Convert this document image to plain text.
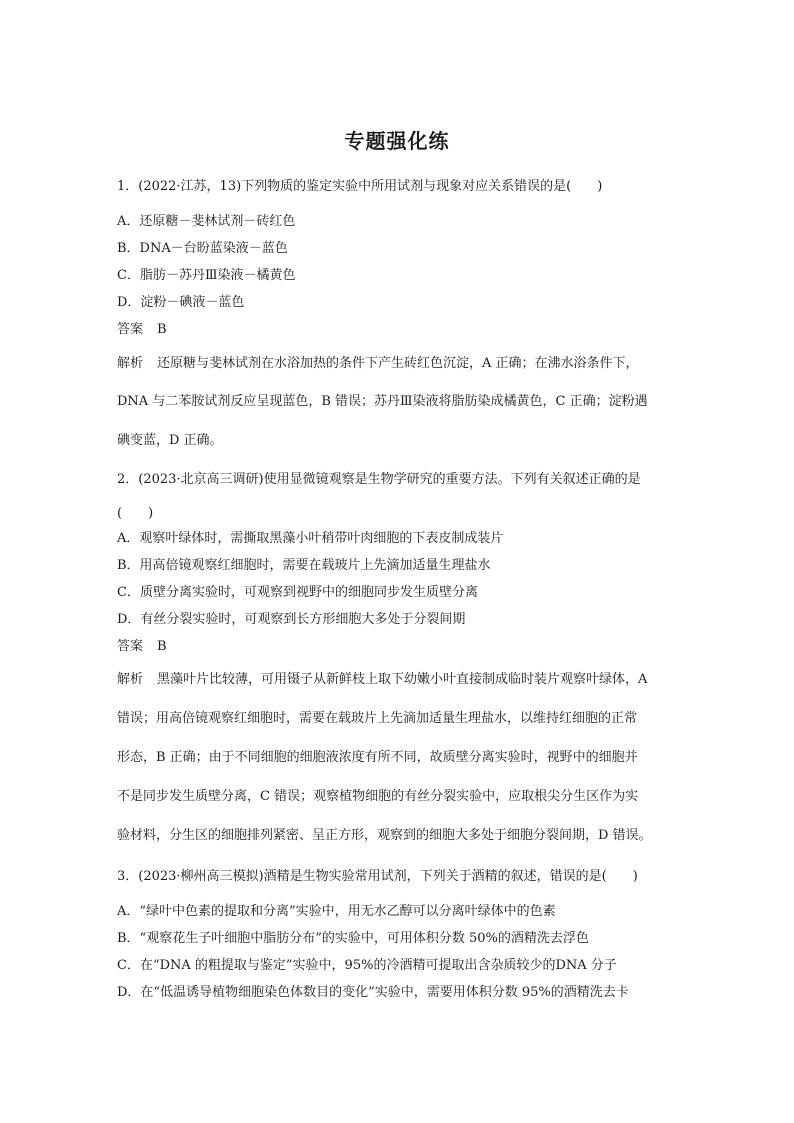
专题强化练
1．(2022·江苏，13)下列物质的鉴定实验中所用试剂与现象对应关系错误的是(　　)
A．还原糖－斐林试剂－砖红色
B．DNA－台盼蓝染液－蓝色
C．脂肪－苏丹Ⅲ染液－橘黄色
D．淀粉－碘液－蓝色
答案 B
解析 还原糖与斐林试剂在水浴加热的条件下产生砖红色沉淀，A 正确；在沸水浴条件下，
DNA 与二苯胺试剂反应呈现蓝色，B 错误；苏丹Ⅲ染液将脂肪染成橘黄色，C 正确；淀粉遇
碘变蓝，D 正确。
2．(2023·北京高三调研)使用显微镜观察是生物学研究的重要方法。下列有关叙述正确的是
(　　)
A．观察叶绿体时，需撕取黑藻小叶稍带叶肉细胞的下表皮制成装片
B．用高倍镜观察红细胞时，需要在载玻片上先滴加适量生理盐水
C．质壁分离实验时，可观察到视野中的细胞同步发生质壁分离
D．有丝分裂实验时，可观察到长方形细胞大多处于分裂间期
答案 B
解析 黑藻叶片比较薄，可用镊子从新鲜枝上取下幼嫩小叶直接制成临时装片观察叶绿体，A
错误；用高倍镜观察红细胞时，需要在载玻片上先滴加适量生理盐水，以维持红细胞的正常
形态，B 正确；由于不同细胞的细胞液浓度有所不同，故质壁分离实验时，视野中的细胞并
不是同步发生质壁分离，C 错误；观察植物细胞的有丝分裂实验中，应取根尖分生区作为实
验材料，分生区的细胞排列紧密、呈正方形，观察到的细胞大多处于细胞分裂间期，D 错误。
3．(2023·柳州高三模拟)酒精是生物实验常用试剂，下列关于酒精的叙述，错误的是(　　)
A．“绿叶中色素的提取和分离”实验中，用无水乙醇可以分离叶绿体中的色素
B．“观察花生子叶细胞中脂肪分布”的实验中，可用体积分数 50%的酒精洗去浮色
C．在“DNA 的粗提取与鉴定”实验中，95%的冷酒精可提取出含杂质较少的DNA 分子
D．在“低温诱导植物细胞染色体数目的变化”实验中，需要用体积分数 95%的酒精洗去卡
